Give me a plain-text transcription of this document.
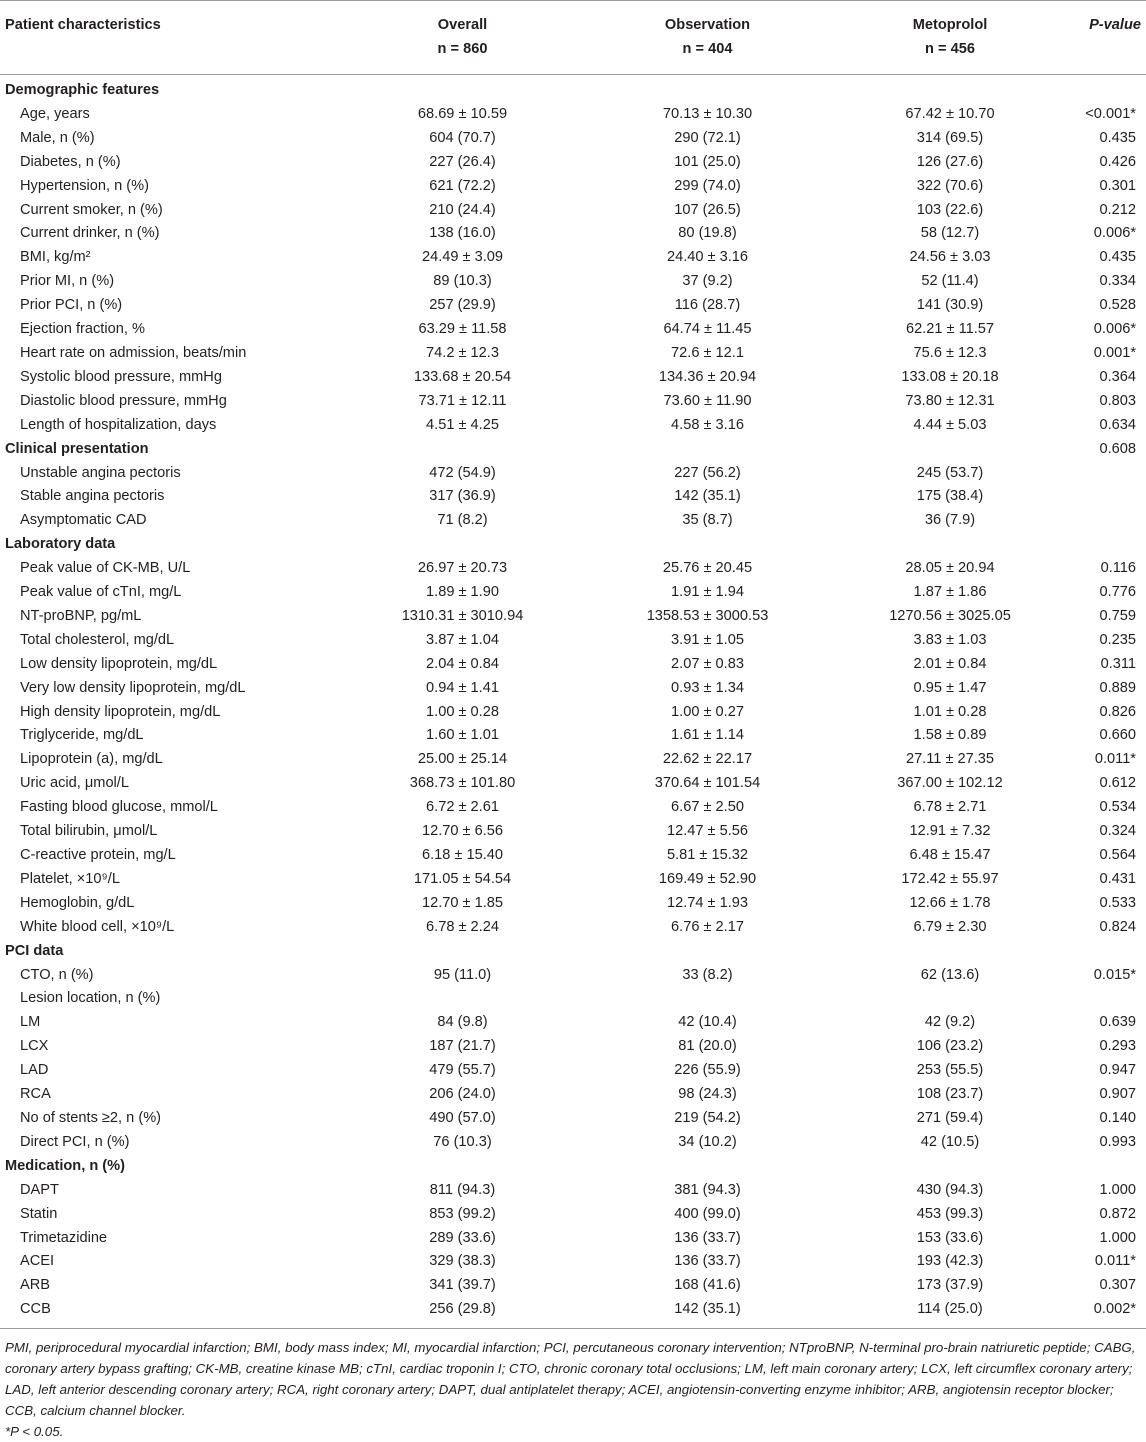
Patient characteristics	Overall	Observation	Metoprolol	P-value
	n = 860	n = 404	n = 456	
Demographic features				
Age, years	68.69 ± 10.59	70.13 ± 10.30	67.42 ± 10.70	<0.001*
Male, n (%)	604 (70.7)	290 (72.1)	314 (69.5)	0.435
Diabetes, n (%)	227 (26.4)	101 (25.0)	126 (27.6)	0.426
Hypertension, n (%)	621 (72.2)	299 (74.0)	322 (70.6)	0.301
Current smoker, n (%)	210 (24.4)	107 (26.5)	103 (22.6)	0.212
Current drinker, n (%)	138 (16.0)	80 (19.8)	58 (12.7)	0.006*
BMI, kg/m²	24.49 ± 3.09	24.40 ± 3.16	24.56 ± 3.03	0.435
Prior MI, n (%)	89 (10.3)	37 (9.2)	52 (11.4)	0.334
Prior PCI, n (%)	257 (29.9)	116 (28.7)	141 (30.9)	0.528
Ejection fraction, %	63.29 ± 11.58	64.74 ± 11.45	62.21 ± 11.57	0.006*
Heart rate on admission, beats/min	74.2 ± 12.3	72.6 ± 12.1	75.6 ± 12.3	0.001*
Systolic blood pressure, mmHg	133.68 ± 20.54	134.36 ± 20.94	133.08 ± 20.18	0.364
Diastolic blood pressure, mmHg	73.71 ± 12.11	73.60 ± 11.90	73.80 ± 12.31	0.803
Length of hospitalization, days	4.51 ± 4.25	4.58 ± 3.16	4.44 ± 5.03	0.634
Clinical presentation				0.608
Unstable angina pectoris	472 (54.9)	227 (56.2)	245 (53.7)	
Stable angina pectoris	317 (36.9)	142 (35.1)	175 (38.4)	
Asymptomatic CAD	71 (8.2)	35 (8.7)	36 (7.9)	
Laboratory data				
Peak value of CK-MB, U/L	26.97 ± 20.73	25.76 ± 20.45	28.05 ± 20.94	0.116
Peak value of cTnI, mg/L	1.89 ± 1.90	1.91 ± 1.94	1.87 ± 1.86	0.776
NT-proBNP, pg/mL	1310.31 ± 3010.94	1358.53 ± 3000.53	1270.56 ± 3025.05	0.759
Total cholesterol, mg/dL	3.87 ± 1.04	3.91 ± 1.05	3.83 ± 1.03	0.235
Low density lipoprotein, mg/dL	2.04 ± 0.84	2.07 ± 0.83	2.01 ± 0.84	0.311
Very low density lipoprotein, mg/dL	0.94 ± 1.41	0.93 ± 1.34	0.95 ± 1.47	0.889
High density lipoprotein, mg/dL	1.00 ± 0.28	1.00 ± 0.27	1.01 ± 0.28	0.826
Triglyceride, mg/dL	1.60 ± 1.01	1.61 ± 1.14	1.58 ± 0.89	0.660
Lipoprotein (a), mg/dL	25.00 ± 25.14	22.62 ± 22.17	27.11 ± 27.35	0.011*
Uric acid, μmol/L	368.73 ± 101.80	370.64 ± 101.54	367.00 ± 102.12	0.612
Fasting blood glucose, mmol/L	6.72 ± 2.61	6.67 ± 2.50	6.78 ± 2.71	0.534
Total bilirubin, μmol/L	12.70 ± 6.56	12.47 ± 5.56	12.91 ± 7.32	0.324
C-reactive protein, mg/L	6.18 ± 15.40	5.81 ± 15.32	6.48 ± 15.47	0.564
Platelet, ×10⁹/L	171.05 ± 54.54	169.49 ± 52.90	172.42 ± 55.97	0.431
Hemoglobin, g/dL	12.70 ± 1.85	12.74 ± 1.93	12.66 ± 1.78	0.533
White blood cell, ×10⁹/L	6.78 ± 2.24	6.76 ± 2.17	6.79 ± 2.30	0.824
PCI data				
CTO, n (%)	95 (11.0)	33 (8.2)	62 (13.6)	0.015*
Lesion location, n (%)				
LM	84 (9.8)	42 (10.4)	42 (9.2)	0.639
LCX	187 (21.7)	81 (20.0)	106 (23.2)	0.293
LAD	479 (55.7)	226 (55.9)	253 (55.5)	0.947
RCA	206 (24.0)	98 (24.3)	108 (23.7)	0.907
No of stents ≥2, n (%)	490 (57.0)	219 (54.2)	271 (59.4)	0.140
Direct PCI, n (%)	76 (10.3)	34 (10.2)	42 (10.5)	0.993
Medication, n (%)				
DAPT	811 (94.3)	381 (94.3)	430 (94.3)	1.000
Statin	853 (99.2)	400 (99.0)	453 (99.3)	0.872
Trimetazidine	289 (33.6)	136 (33.7)	153 (33.6)	1.000
ACEI	329 (38.3)	136 (33.7)	193 (42.3)	0.011*
ARB	341 (39.7)	168 (41.6)	173 (37.9)	0.307
CCB	256 (29.8)	142 (35.1)	114 (25.0)	0.002*

PMI, periprocedural myocardial infarction; BMI, body mass index; MI, myocardial infarction; PCI, percutaneous coronary intervention; NTproBNP, N-terminal pro-brain natriuretic peptide; CABG, coronary artery bypass grafting; CK-MB, creatine kinase MB; cTnI, cardiac troponin I; CTO, chronic coronary total occlusions; LM, left main coronary artery; LCX, left circumflex coronary artery; LAD, left anterior descending coronary artery; RCA, right coronary artery; DAPT, dual antiplatelet therapy; ACEI, angiotensin-converting enzyme inhibitor; ARB, angiotensin receptor blocker; CCB, calcium channel blocker.

*P < 0.05.
